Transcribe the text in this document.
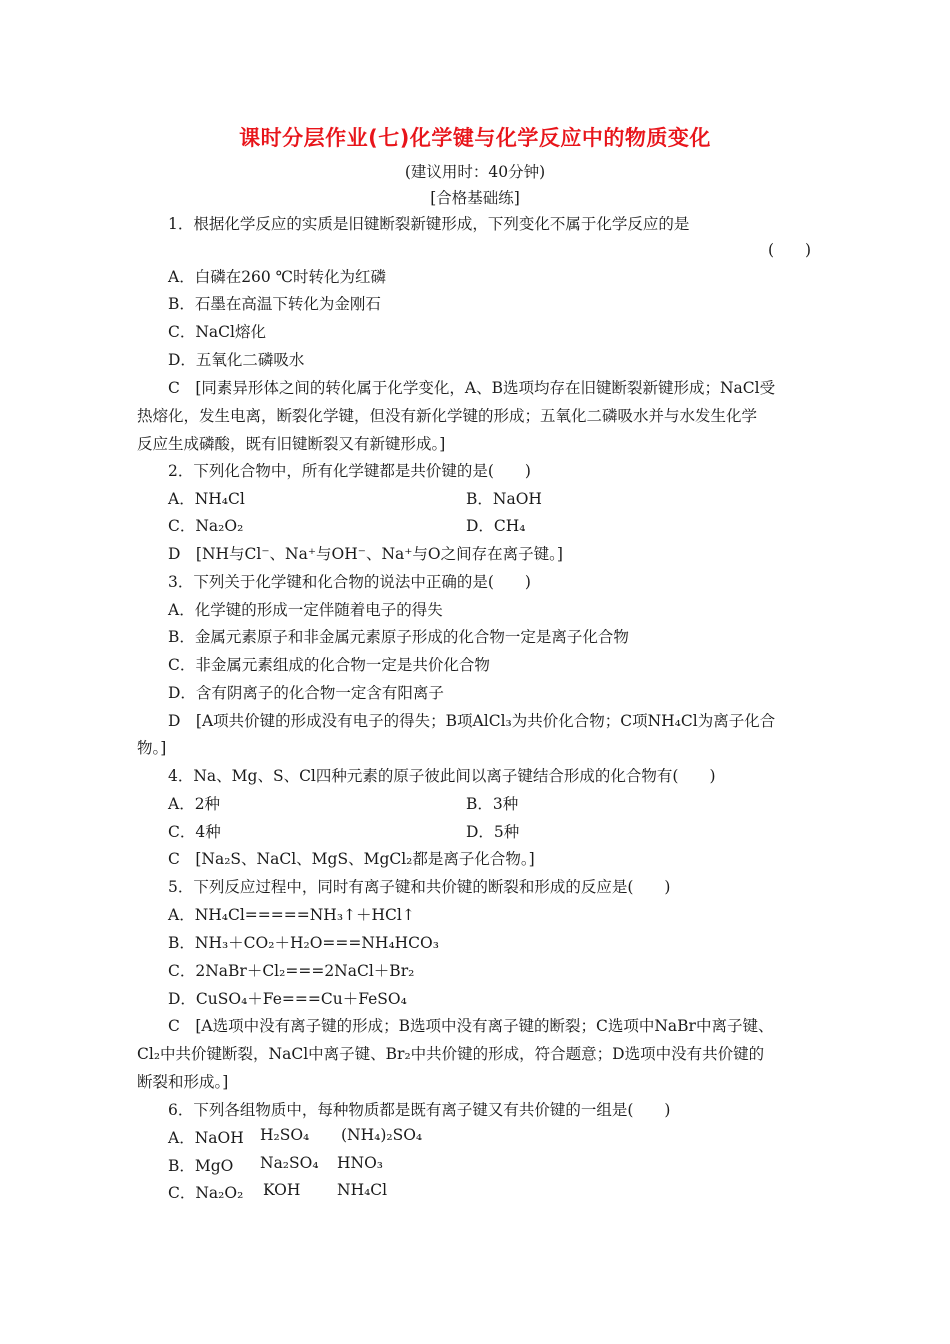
课时分层作业(七)化学键与化学反应中的物质变化
(建议用时：40分钟)
[合格基础练]
1．根据化学反应的实质是旧键断裂新键形成，下列变化不属于化学反应的是
(　　)
A．白磷在260 ℃时转化为红磷
B．石墨在高温下转化为金刚石
C．NaCl熔化
D．五氧化二磷吸水
C　[同素异形体之间的转化属于化学变化，A、B选项均存在旧键断裂新键形成；NaCl受
热熔化，发生电离，断裂化学键，但没有新化学键的形成；五氧化二磷吸水并与水发生化学
反应生成磷酸，既有旧键断裂又有新键形成。]
2．下列化合物中，所有化学键都是共价键的是(　　)
A．NH₄Cl	B．NaOH
C．Na₂O₂	D．CH₄
D　[NH与Cl⁻、Na⁺与OH⁻、Na⁺与O之间存在离子键。]
3．下列关于化学键和化合物的说法中正确的是(　　)
A．化学键的形成一定伴随着电子的得失
B．金属元素原子和非金属元素原子形成的化合物一定是离子化合物
C．非金属元素组成的化合物一定是共价化合物
D．含有阴离子的化合物一定含有阳离子
D　[A项共价键的形成没有电子的得失；B项AlCl₃为共价化合物；C项NH₄Cl为离子化合
物。]
4．Na、Mg、S、Cl四种元素的原子彼此间以离子键结合形成的化合物有(　　)
A．2种	B．3种
C．4种	D．5种
C　[Na₂S、NaCl、MgS、MgCl₂都是离子化合物。]
5．下列反应过程中，同时有离子键和共价键的断裂和形成的反应是(　　)
A．NH₄Cl=====NH₃↑＋HCl↑
B．NH₃＋CO₂＋H₂O===NH₄HCO₃
C．2NaBr＋Cl₂===2NaCl＋Br₂
D．CuSO₄＋Fe===Cu＋FeSO₄
C　[A选项中没有离子键的形成；B选项中没有离子键的断裂；C选项中NaBr中离子键、
Cl₂中共价键断裂，NaCl中离子键、Br₂中共价键的形成，符合题意；D选项中没有共价键的
断裂和形成。]
6．下列各组物质中，每种物质都是既有离子键又有共价键的一组是(　　)
A．NaOH H₂SO₄ (NH₄)₂SO₄
B．MgO Na₂SO₄ HNO₃
C．Na₂O₂ KOH NH₄Cl
